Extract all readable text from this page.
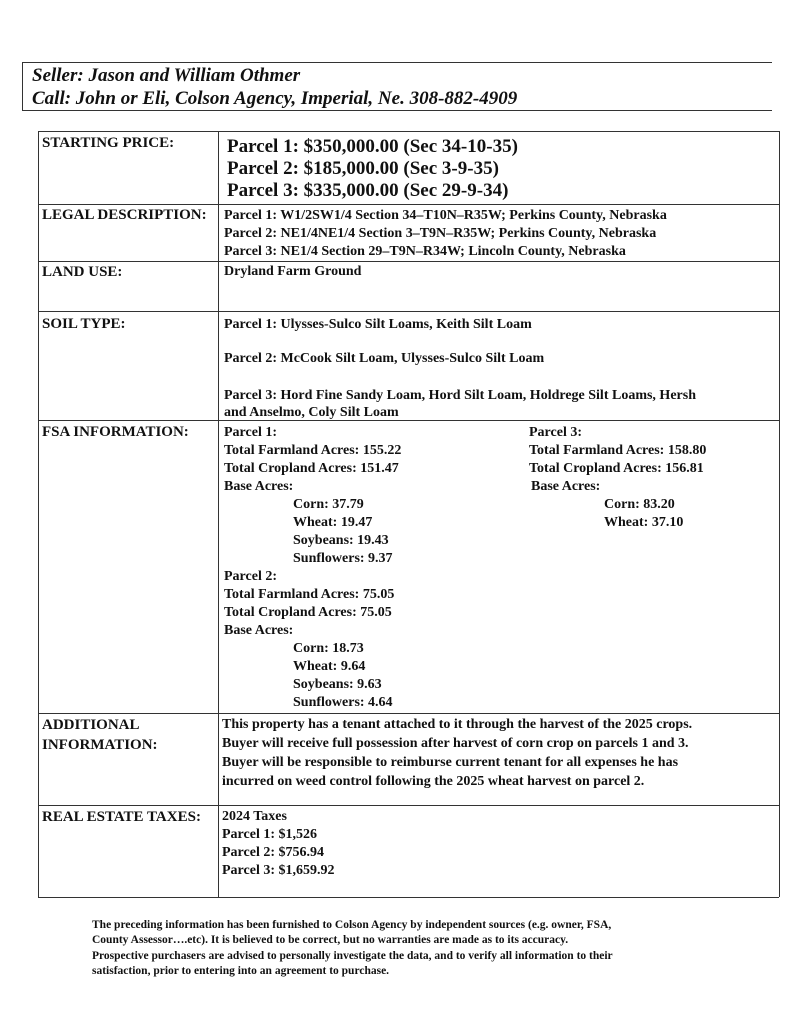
Seller: Jason and William Othmer
Call: John or Eli, Colson Agency, Imperial, Ne. 308-882-4909
STARTING PRICE:	Parcel 1: $350,000.00 (Sec 34-10-35)
Parcel 2: $185,000.00 (Sec 3-9-35)
Parcel 3: $335,000.00 (Sec 29-9-34)
LEGAL DESCRIPTION: Parcel 1: W1/2SW1/4 Section 34–T10N–R35W; Perkins County, Nebraska
Parcel 2: NE1/4NE1/4 Section 3–T9N–R35W; Perkins County, Nebraska
Parcel 3: NE1/4 Section 29–T9N–R34W; Lincoln County, Nebraska
LAND USE:	Dryland Farm Ground
SOIL TYPE:	Parcel 1: Ulysses-Sulco Silt Loams, Keith Silt Loam
Parcel 2: McCook Silt Loam, Ulysses-Sulco Silt Loam
Parcel 3: Hord Fine Sandy Loam, Hord Silt Loam, Holdrege Silt Loams, Hersh
and Anselmo, Coly Silt Loam
FSA INFORMATION:	Parcel 1:
Total Farmland Acres: 155.22
Total Cropland Acres: 151.47
Base Acres:
Corn: 37.79
Wheat: 19.47
Soybeans: 19.43
Sunflowers: 9.37
Parcel 2:
Total Farmland Acres: 75.05
Total Cropland Acres: 75.05
Base Acres:
Corn: 18.73
Wheat: 9.64
Soybeans: 9.63
Sunflowers: 4.64
Parcel 3:
Total Farmland Acres: 158.80
Total Cropland Acres: 156.81
Base Acres:
Corn: 83.20
Wheat: 37.10
ADDITIONAL
INFORMATION:
This property has a tenant attached to it through the harvest of the 2025 crops.
Buyer will receive full possession after harvest of corn crop on parcels 1 and 3.
Buyer will be responsible to reimburse current tenant for all expenses he has
incurred on weed control following the 2025 wheat harvest on parcel 2.
REAL ESTATE TAXES: 2024 Taxes
Parcel 1: $1,526
Parcel 2: $756.94
Parcel 3: $1,659.92
The preceding information has been furnished to Colson Agency by independent sources (e.g. owner, FSA,
County Assessor….etc). It is believed to be correct, but no warranties are made as to its accuracy.
Prospective purchasers are advised to personally investigate the data, and to verify all information to their
satisfaction, prior to entering into an agreement to purchase.
